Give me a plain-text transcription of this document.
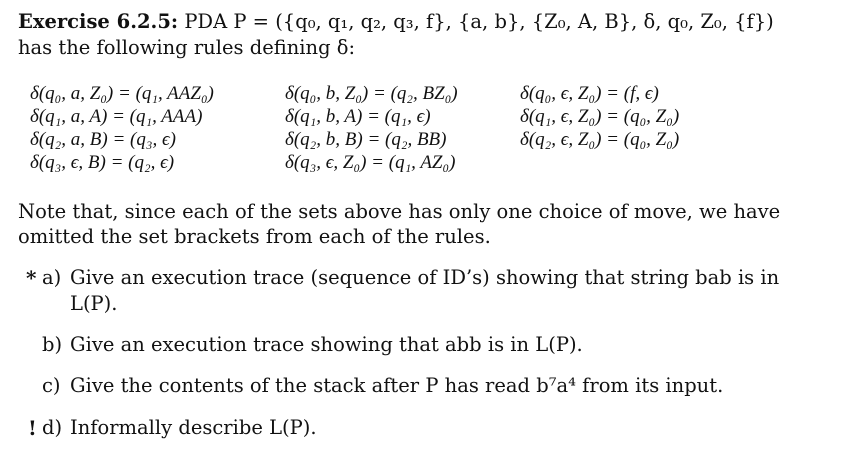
Exercise 6.2.5: PDA P = ({q₀, q₁, q₂, q₃, f}, {a, b}, {Z₀, A, B}, δ, q₀, Z₀, {f})
has the following rules defining δ:
δ(q₀, a, Z₀) = (q₁, AAZ₀)
δ(q₁, a, A) = (q₁, AAA)
δ(q₂, a, B) = (q₃, ϵ)
δ(q₃, ϵ, B) = (q₂, ϵ)
δ(q₀, b, Z₀) = (q₂, BZ₀)
δ(q₁, b, A) = (q₁, ϵ)
δ(q₂, b, B) = (q₂, BB)
δ(q₃, ϵ, Z₀) = (q₁, AZ₀)
δ(q₀, ϵ, Z₀) = (f, ϵ)
δ(q₁, ϵ, Z₀) = (q₀, Z₀)
δ(q₂, ϵ, Z₀) = (q₀, Z₀)
Note that, since each of the sets above has only one choice of move, we have
omitted the set brackets from each of the rules.
* a) Give an execution trace (sequence of ID’s) showing that string bab is in
L(P).
b) Give an execution trace showing that abb is in L(P).
c) Give the contents of the stack after P has read b⁷a⁴ from its input.
! d) Informally describe L(P).
